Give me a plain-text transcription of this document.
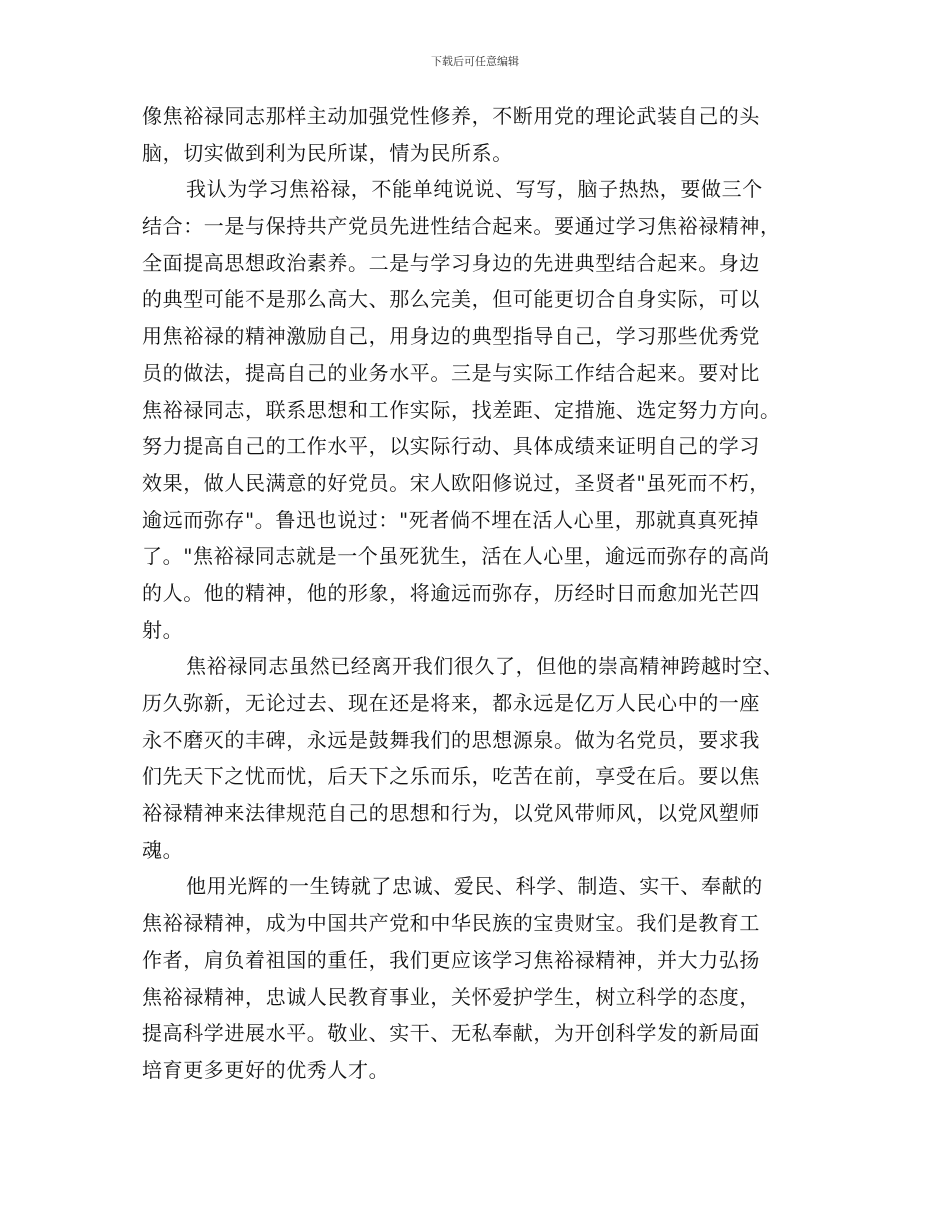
下载后可任意编辑
像焦裕禄同志那样主动加强党性修养，不断用党的理论武装自己的头
脑，切实做到利为民所谋，情为民所系。
我认为学习焦裕禄，不能单纯说说、写写，脑子热热，要做三个
结合：一是与保持共产党员先进性结合起来。要通过学习焦裕禄精神，
全面提高思想政治素养。二是与学习身边的先进典型结合起来。身边
的典型可能不是那么高大、那么完美，但可能更切合自身实际，可以
用焦裕禄的精神激励自己，用身边的典型指导自己，学习那些优秀党
员的做法，提高自己的业务水平。三是与实际工作结合起来。要对比
焦裕禄同志，联系思想和工作实际，找差距、定措施、选定努力方向。
努力提高自己的工作水平，以实际行动、具体成绩来证明自己的学习
效果，做人民满意的好党员。宋人欧阳修说过，圣贤者"虽死而不朽，
逾远而弥存"。鲁迅也说过："死者倘不埋在活人心里，那就真真死掉
了。"焦裕禄同志就是一个虽死犹生，活在人心里，逾远而弥存的高尚
的人。他的精神，他的形象，将逾远而弥存，历经时日而愈加光芒四
射。
焦裕禄同志虽然已经离开我们很久了，但他的崇高精神跨越时空、
历久弥新，无论过去、现在还是将来，都永远是亿万人民心中的一座
永不磨灭的丰碑，永远是鼓舞我们的思想源泉。做为名党员，要求我
们先天下之忧而忧，后天下之乐而乐，吃苦在前，享受在后。要以焦
裕禄精神来法律规范自己的思想和行为，以党风带师风，以党风塑师
魂。
他用光辉的一生铸就了忠诚、爱民、科学、制造、实干、奉献的
焦裕禄精神，成为中国共产党和中华民族的宝贵财宝。我们是教育工
作者，肩负着祖国的重任，我们更应该学习焦裕禄精神，并大力弘扬
焦裕禄精神，忠诚人民教育事业，关怀爱护学生，树立科学的态度，
提高科学进展水平。敬业、实干、无私奉献，为开创科学发的新局面
培育更多更好的优秀人才。
